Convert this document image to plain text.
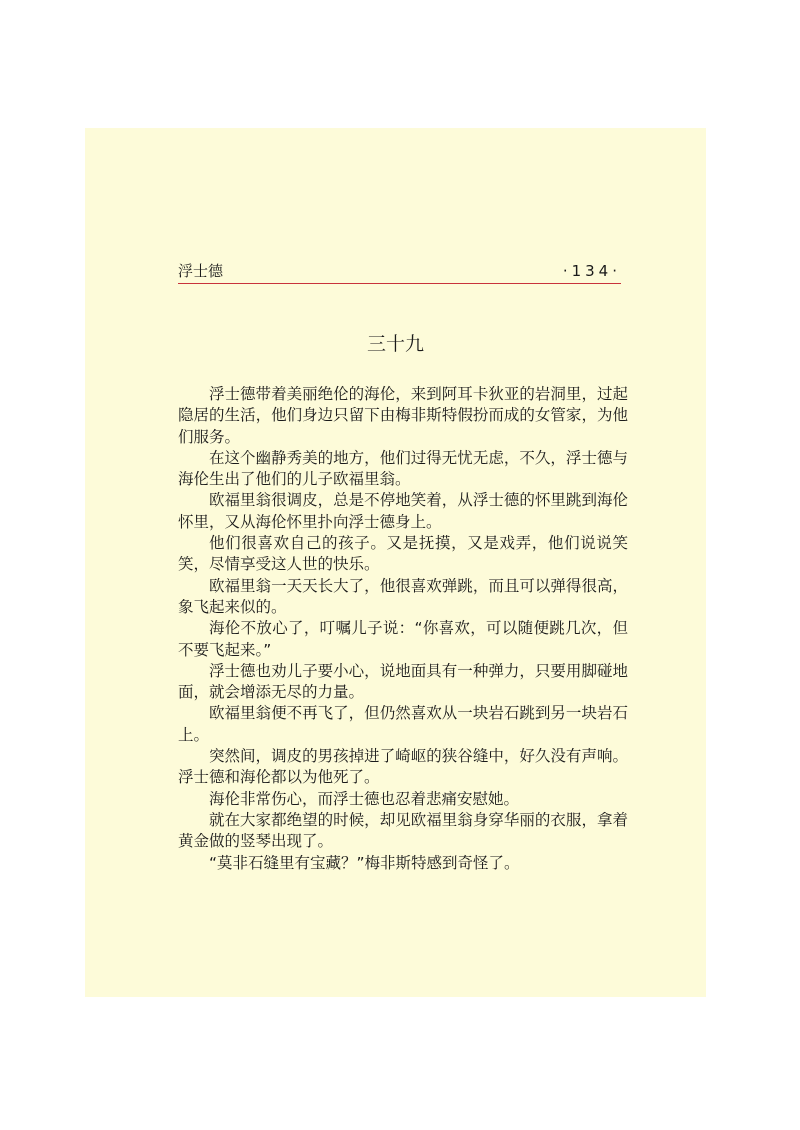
浮士德	·134·
三十九

浮士德带着美丽绝伦的海伦，来到阿耳卡狄亚的岩洞里，过起隐居的生活，他们身边只留下由梅非斯特假扮而成的女管家，为他们服务。

在这个幽静秀美的地方，他们过得无忧无虑，不久，浮士德与海伦生出了他们的儿子欧福里翁。

欧福里翁很调皮，总是不停地笑着，从浮士德的怀里跳到海伦怀里，又从海伦怀里扑向浮士德身上。

他们很喜欢自己的孩子。又是抚摸，又是戏弄，他们说说笑笑，尽情享受这人世的快乐。

欧福里翁一天天长大了，他很喜欢弹跳，而且可以弹得很高，象飞起来似的。

海伦不放心了，叮嘱儿子说：“你喜欢，可以随便跳几次，但不要飞起来。”

浮士德也劝儿子要小心，说地面具有一种弹力，只要用脚碰地面，就会增添无尽的力量。

欧福里翁便不再飞了，但仍然喜欢从一块岩石跳到另一块岩石上。

突然间，调皮的男孩掉进了崎岖的狭谷缝中，好久没有声响。浮士德和海伦都以为他死了。

海伦非常伤心，而浮士德也忍着悲痛安慰她。

就在大家都绝望的时候，却见欧福里翁身穿华丽的衣服，拿着黄金做的竖琴出现了。

“莫非石缝里有宝藏？”梅非斯特感到奇怪了。
